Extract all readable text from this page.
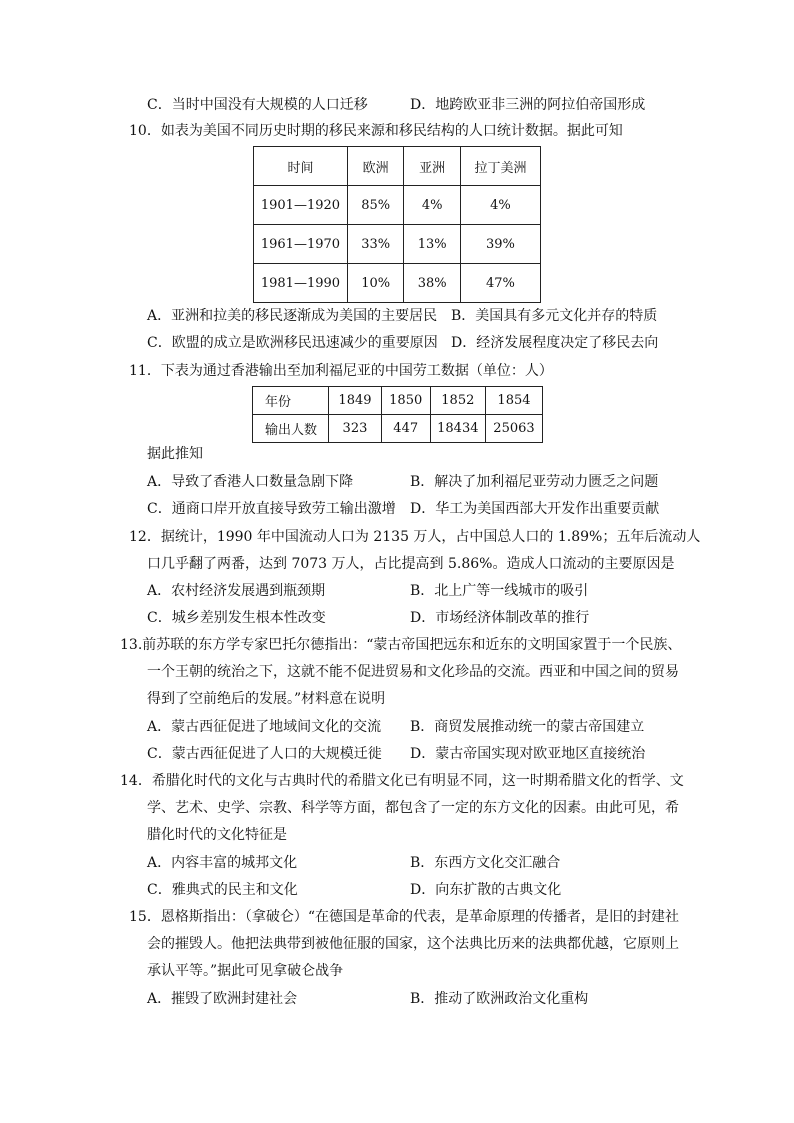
C．当时中国没有大规模的人口迁移	D．地跨欧亚非三洲的阿拉伯帝国形成
10．如表为美国不同历史时期的移民来源和移民结构的人口统计数据。据此可知
时间	欧洲	亚洲	拉丁美洲
1901—1920	85%	4%	4%
1961—1970	33%	13%	39%
1981—1990	10%	38%	47%
A．亚洲和拉美的移民逐渐成为美国的主要居民 B．美国具有多元文化并存的特质
C．欧盟的成立是欧洲移民迅速减少的重要原因 D．经济发展程度决定了移民去向
11．下表为通过香港输出至加利福尼亚的中国劳工数据（单位：人）
年份	1849	1850	1852	1854
输出人数	323	447	18434	25063
据此推知
A．导致了香港人口数量急剧下降	B．解决了加利福尼亚劳动力匮乏之问题
C．通商口岸开放直接导致劳工输出激增 D．华工为美国西部大开发作出重要贡献
12．据统计，1990 年中国流动人口为 2135 万人，占中国总人口的 1.89%；五年后流动人
口几乎翻了两番，达到 7073 万人，占比提高到 5.86%。造成人口流动的主要原因是
A．农村经济发展遇到瓶颈期	B．北上广等一线城市的吸引
C．城乡差别发生根本性改变	D．市场经济体制改革的推行
13.前苏联的东方学专家巴托尔德指出：“蒙古帝国把远东和近东的文明国家置于一个民族、
一个王朝的统治之下，这就不能不促进贸易和文化珍品的交流。西亚和中国之间的贸易
得到了空前绝后的发展。”材料意在说明
A．蒙古西征促进了地域间文化的交流 B．商贸发展推动统一的蒙古帝国建立
C．蒙古西征促进了人口的大规模迁徙 D．蒙古帝国实现对欧亚地区直接统治
14．希腊化时代的文化与古典时代的希腊文化已有明显不同，这一时期希腊文化的哲学、文
学、艺术、史学、宗教、科学等方面，都包含了一定的东方文化的因素。由此可见，希
腊化时代的文化特征是
A．内容丰富的城邦文化	B．东西方文化交汇融合
C．雅典式的民主和文化	D．向东扩散的古典文化
15．恩格斯指出：（拿破仑）“在德国是革命的代表，是革命原理的传播者，是旧的封建社
会的摧毁人。他把法典带到被他征服的国家，这个法典比历来的法典都优越，它原则上
承认平等。”据此可见拿破仑战争
A．摧毁了欧洲封建社会	B．推动了欧洲政治文化重构
